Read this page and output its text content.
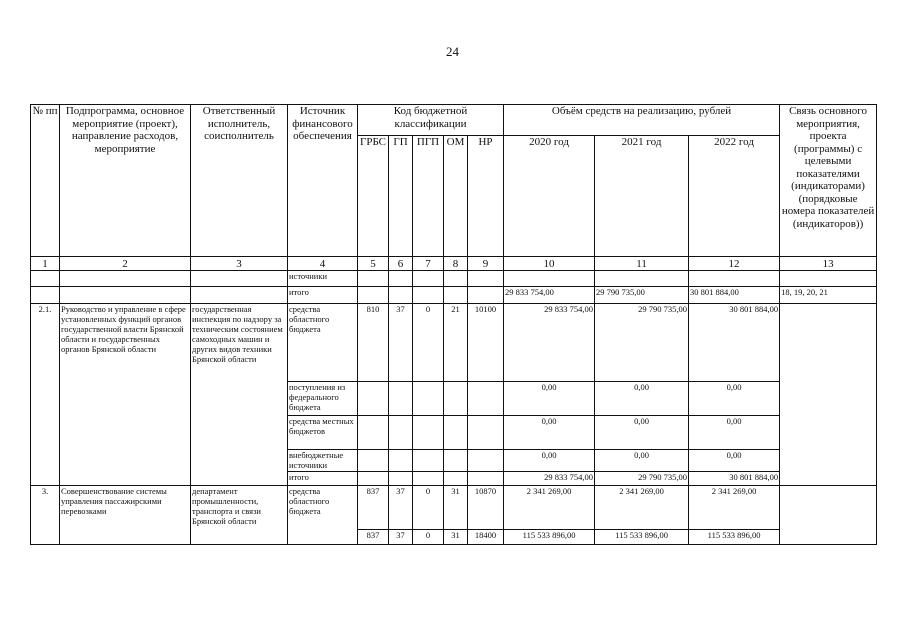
24
№ пп	Подпрограмма, основное мероприятие (проект), направление расходов, мероприятие	Ответственный исполнитель, соисполнитель	Источник финансового обеспечения	Код бюджетной классификации					Объём средств на реализацию, рублей			Связь основного мероприятия, проекта (программы) с целевыми показателями (индикаторами) (порядковые номера показателей (индикаторов))
				ГРБС	ГП	ПГП	ОМ	НР	2020 год	2021 год	2022 год	
1	2	3	4	5	6	7	8	9	10	11	12	13
			источники									
			итого						29 833 754,00	29 790 735,00	30 801 884,00	18, 19, 20, 21
2.1.	Руководство и управление в сфере установленных функций органов государственной власти Брянской области и государственных органов Брянской области	государственная инспекция по надзору за техническим состоянием самоходных машин и других видов техники Брянской области	средства областного бюджета	810	37	0	21	10100	29 833 754,00	29 790 735,00	30 801 884,00	
			поступления из федерального бюджета						0,00	0,00	0,00	
			средства местных бюджетов						0,00	0,00	0,00	
			внебюджетные источники						0,00	0,00	0,00	
			итого						29 833 754,00	29 790 735,00	30 801 884,00	
3.	Совершенствование системы управления пассажирскими перевозками	департамент промышленности, транспорта и связи Брянской области	средства областного бюджета	837	37	0	31	10870	2 341 269,00	2 341 269,00	2 341 269,00	
				837	37	0	31	18400	115 533 896,00	115 533 896,00	115 533 896,00	
